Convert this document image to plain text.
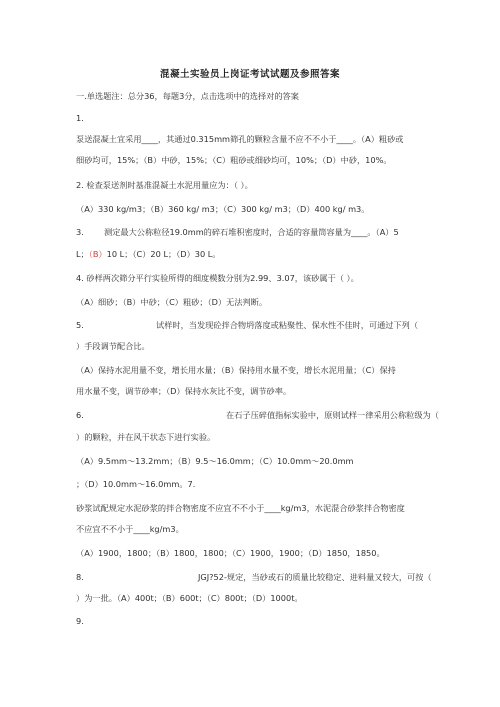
混凝土实验员上岗证考试试题及参照答案
一.单选题注：总分36，每题3分，点击选项中的选择对的答案
1.
泵送混凝土宜采用____，其通过0.315mm筛孔的颗粒含量不应不不小于____。（A）粗砂或
细砂均可，15%；（B）中砂，15%；（C）粗砂或细砂均可，10%；（D）中砂，10%。
2. 检查泵送剂时基准混凝土水泥用量应为：（ ）。
（A）330 kg/m3；（B）360 kg/ m3；（C）300 kg/ m3；（D）400 kg/ m3。
3. 测定最大公称粒径19.0mm的碎石堆积密度时，合适的容量筒容量为____。（A）5
L；（B）10 L；（C）20 L；（D）30 L。
4. 砂样两次筛分平行实验所得的细度模数分别为2.99、3.07，该砂属于（ ）。
（A）细砂；（B）中砂；（C）粗砂；（D）无法判断。
5.	试样时，当发现砼拌合物坍落度或粘聚性、保水性不佳时，可通过下列（
）手段调节配合比。
（A）保持水泥用量不变，增长用水量；（B）保持用水量不变，增长水泥用量；（C）保持
用水量不变，调节砂率；（D）保持水灰比不变，调节砂率。
6.	在石子压碎值指标实验中，原则试样一律采用公称粒级为（
）的颗粒，并在风干状态下进行实验。
（A）9.5mm～13.2mm；（B）9.5～16.0mm；（C）10.0mm～20.0mm
；（D）10.0mm～16.0mm。7.
砂浆试配规定水泥砂浆的拌合物密度不应宜不不小于____kg/m3，水泥混合砂浆拌合物密度
不应宜不不小于____kg/m3。
（A）1900，1800；（B）1800，1800；（C）1900，1900；（D）1850，1850。
8.	JGJ?52-规定，当砂或石的质量比较稳定、进料量又较大，可按（
）为一批。（A）400t；（B）600t；（C）800t；（D）1000t。
9.
